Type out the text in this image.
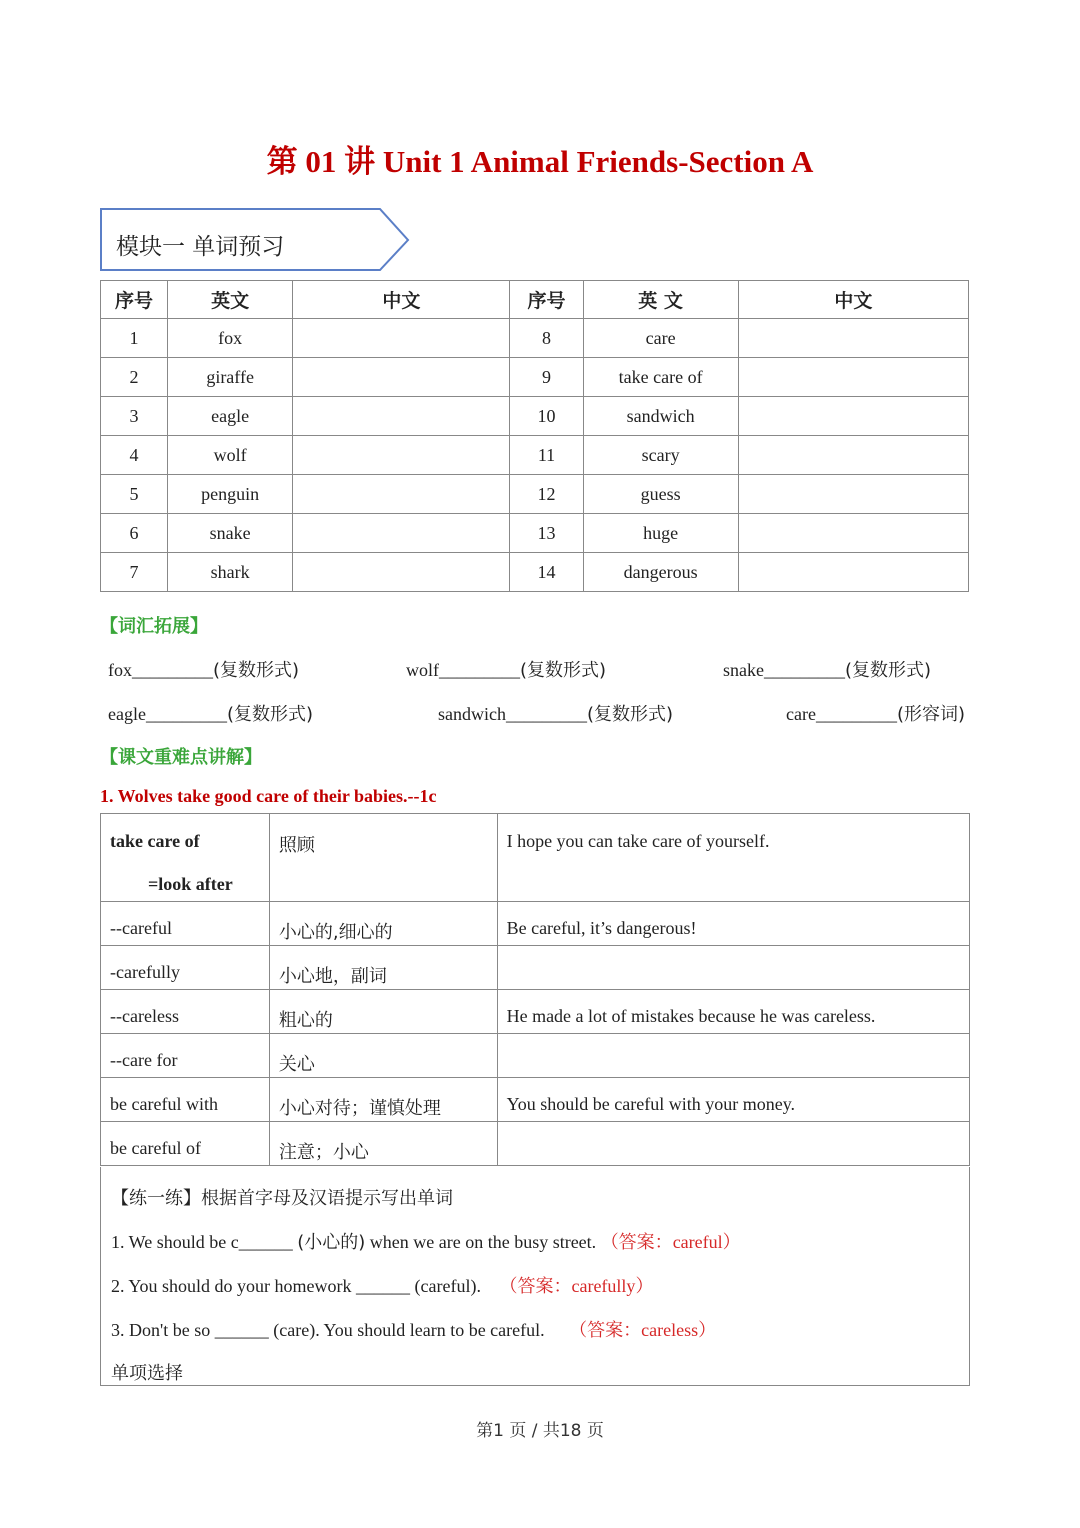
第 01 讲 Unit 1 Animal Friends-Section A
模块一 单词预习
序号	英文	中文	序号	英 文	中文
1	fox		8	care	
2	giraffe		9	take care of	
3	eagle		10	sandwich	
4	wolf		11	scary	
5	penguin		12	guess	
6	snake		13	huge	
7	shark		14	dangerous	
【词汇拓展】
fox_________(复数形式)	wolf_________(复数形式)	snake_________(复数形式)
eagle_________(复数形式)	sandwich_________(复数形式)	care_________(形容词)
【课文重难点讲解】
1. Wolves take good care of their babies.--1c
take care of
=look after	照顾	I hope you can take care of yourself.
--careful	小心的,细心的	Be careful, it’s dangerous!
-carefully	小心地，副词	
--careless	粗心的	He made a lot of mistakes because he was careless.
--care for	关心	
be careful with	小心对待；谨慎处理	You should be careful with your money.
be careful of	注意；小心	
【练一练】根据首字母及汉语提示写出单词
1. We should be c______ (小心的) when we are on the busy street. （答案：careful）
2. You should do your homework ______ (careful). （答案：carefully）
3. Don't be so ______ (care). You should learn to be careful. （答案：careless）
单项选择
第1 页 / 共18 页
